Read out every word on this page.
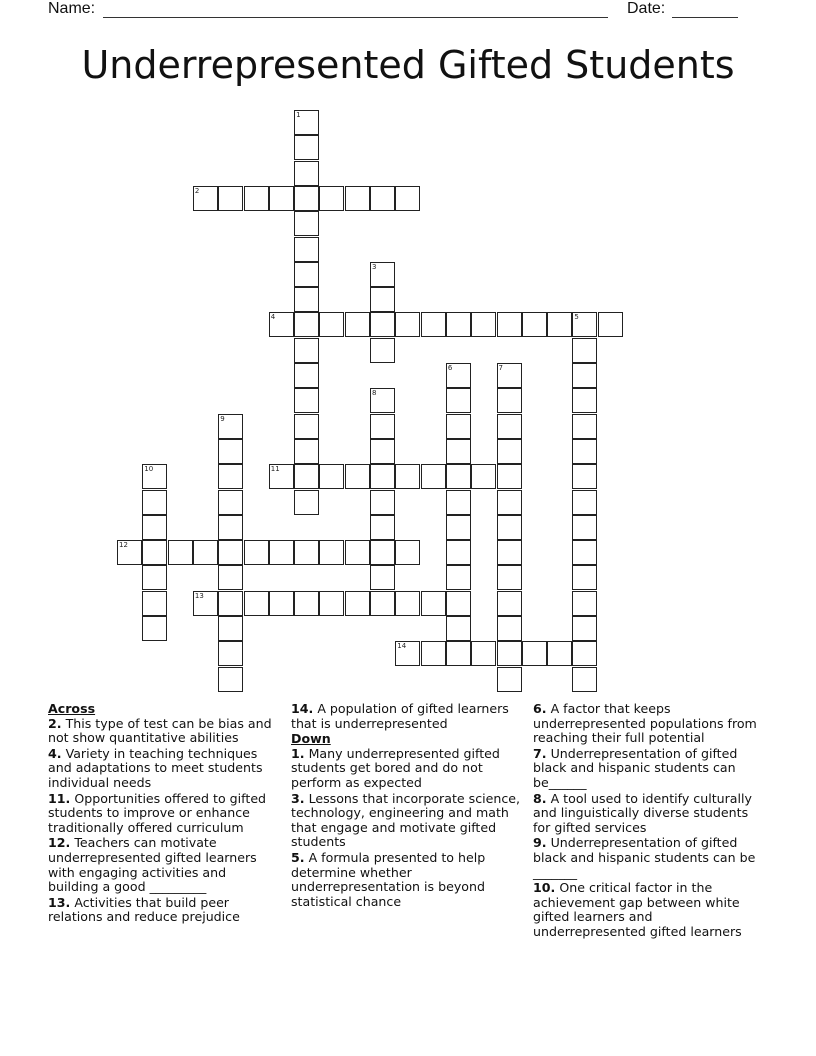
Name:	Date:
Underrepresented Gifted Students
1
2
3
4	5
6	7
8
9
10	11
12
13
14
Across
2. This type of test can be bias and not show quantitative abilities
4. Variety in teaching techniques and adaptations to meet students individual needs
11. Opportunities offered to gifted students to improve or enhance traditionally offered curriculum
12. Teachers can motivate underrepresented gifted learners with engaging activities and building a good _________
13. Activities that build peer relations and reduce prejudice
14. A population of gifted learners that is underrepresented
Down
1. Many underrepresented gifted students get bored and do not perform as expected
3. Lessons that incorporate science, technology, engineering and math that engage and motivate gifted students
5. A formula presented to help determine whether underrepresentation is beyond statistical chance
6. A factor that keeps underrepresented populations from reaching their full potential
7. Underrepresentation of gifted black and hispanic students can be______
8. A tool used to identify culturally and linguistically diverse students for gifted services
9. Underrepresentation of gifted black and hispanic students can be _______
10. One critical factor in the achievement gap between white gifted learners and underrepresented gifted learners
